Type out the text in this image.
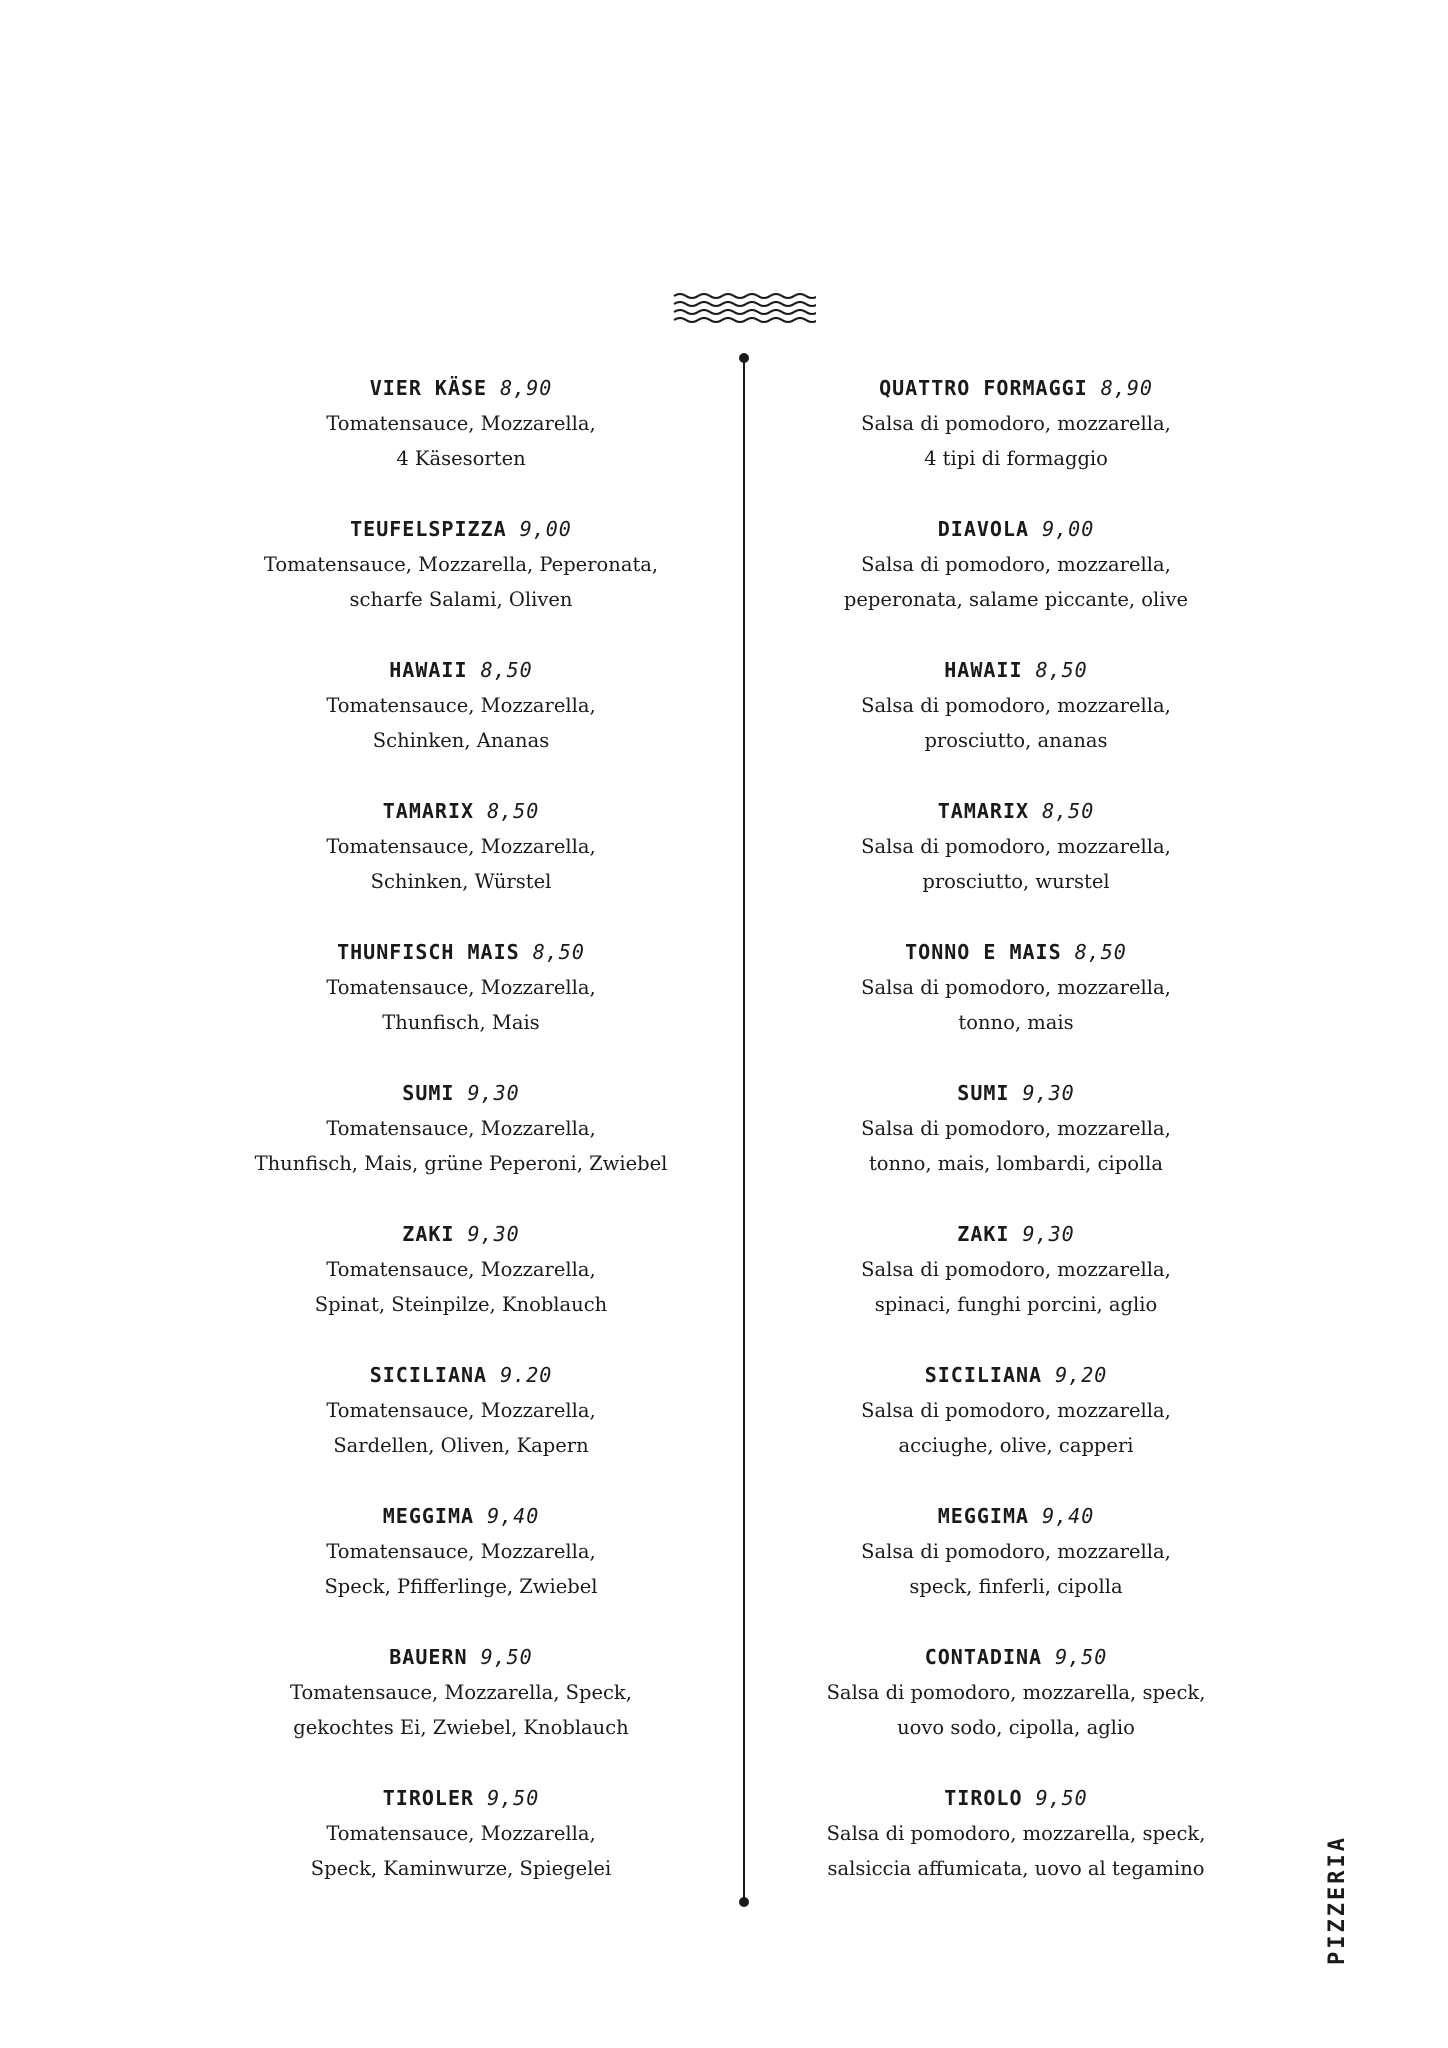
VIER KÄSE 8,90
Tomatensauce, Mozzarella,
4 Käsesorten
TEUFELSPIZZA 9,00
Tomatensauce, Mozzarella, Peperonata,
scharfe Salami, Oliven
HAWAII 8,50
Tomatensauce, Mozzarella,
Schinken, Ananas
TAMARIX 8,50
Tomatensauce, Mozzarella,
Schinken, Würstel
THUNFISCH MAIS 8,50
Tomatensauce, Mozzarella,
Thunfisch, Mais
SUMI 9,30
Tomatensauce, Mozzarella,
Thunfisch, Mais, grüne Peperoni, Zwiebel
ZAKI 9,30
Tomatensauce, Mozzarella,
Spinat, Steinpilze, Knoblauch
SICILIANA 9.20
Tomatensauce, Mozzarella,
Sardellen, Oliven, Kapern
MEGGIMA 9,40
Tomatensauce, Mozzarella,
Speck, Pfifferlinge, Zwiebel
BAUERN 9,50
Tomatensauce, Mozzarella, Speck,
gekochtes Ei, Zwiebel, Knoblauch
TIROLER 9,50
Tomatensauce, Mozzarella,
Speck, Kaminwurze, Spiegelei
QUATTRO FORMAGGI 8,90
Salsa di pomodoro, mozzarella,
4 tipi di formaggio
DIAVOLA 9,00
Salsa di pomodoro, mozzarella,
peperonata, salame piccante, olive
HAWAII 8,50
Salsa di pomodoro, mozzarella,
prosciutto, ananas
TAMARIX 8,50
Salsa di pomodoro, mozzarella,
prosciutto, wurstel
TONNO E MAIS 8,50
Salsa di pomodoro, mozzarella,
tonno, mais
SUMI 9,30
Salsa di pomodoro, mozzarella,
tonno, mais, lombardi, cipolla
ZAKI 9,30
Salsa di pomodoro, mozzarella,
spinaci, funghi porcini, aglio
SICILIANA 9,20
Salsa di pomodoro, mozzarella,
acciughe, olive, capperi
MEGGIMA 9,40
Salsa di pomodoro, mozzarella,
speck, finferli, cipolla
CONTADINA 9,50
Salsa di pomodoro, mozzarella, speck,
uovo sodo, cipolla, aglio
TIROLO 9,50
Salsa di pomodoro, mozzarella, speck,
salsiccia affumicata, uovo al tegamino	PIZZERIA
